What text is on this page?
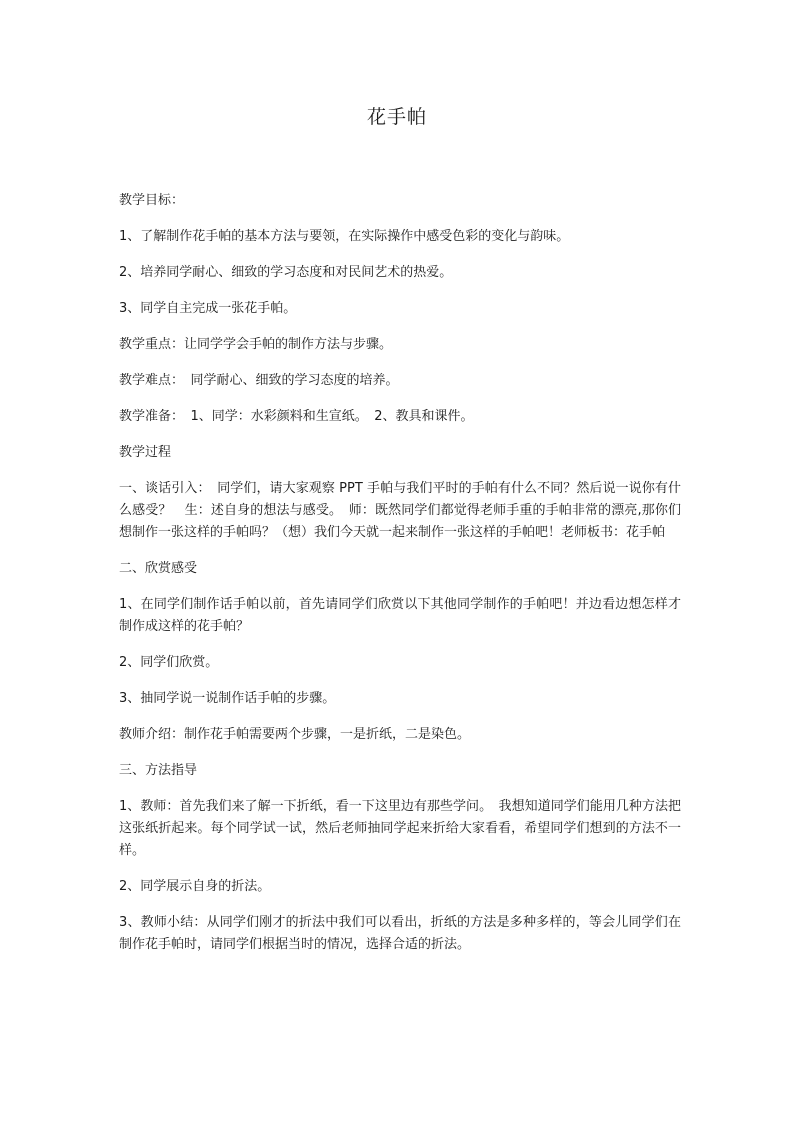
花手帕

教学目标：

1、了解制作花手帕的基本方法与要领，在实际操作中感受色彩的变化与韵味。

2、培养同学耐心、细致的学习态度和对民间艺术的热爱。

3、同学自主完成一张花手帕。

教学重点：让同学学会手帕的制作方法与步骤。

教学难点：　同学耐心、细致的学习态度的培养。

教学准备：　1、同学：水彩颜料和生宣纸。　2、教具和课件。

教学过程

一、谈话引入：　同学们，请大家观察 PPT 手帕与我们平时的手帕有什么不同？然后说一说你有什么感受？　生：述自身的想法与感受。　师：既然同学们都觉得老师手重的手帕非常的漂亮,那你们想制作一张这样的手帕吗？（想）我们今天就一起来制作一张这样的手帕吧！老师板书：花手帕

二、欣赏感受

1、在同学们制作话手帕以前，首先请同学们欣赏以下其他同学制作的手帕吧！并边看边想怎样才制作成这样的花手帕？

2、同学们欣赏。

3、抽同学说一说制作话手帕的步骤。

教师介绍：制作花手帕需要两个步骤，一是折纸，二是染色。

三、方法指导

1、教师：首先我们来了解一下折纸，看一下这里边有那些学问。　我想知道同学们能用几种方法把这张纸折起来。每个同学试一试，然后老师抽同学起来折给大家看看，希望同学们想到的方法不一样。

2、同学展示自身的折法。

3、教师小结：从同学们刚才的折法中我们可以看出，折纸的方法是多种多样的，等会儿同学们在制作花手帕时，请同学们根据当时的情况，选择合适的折法。
